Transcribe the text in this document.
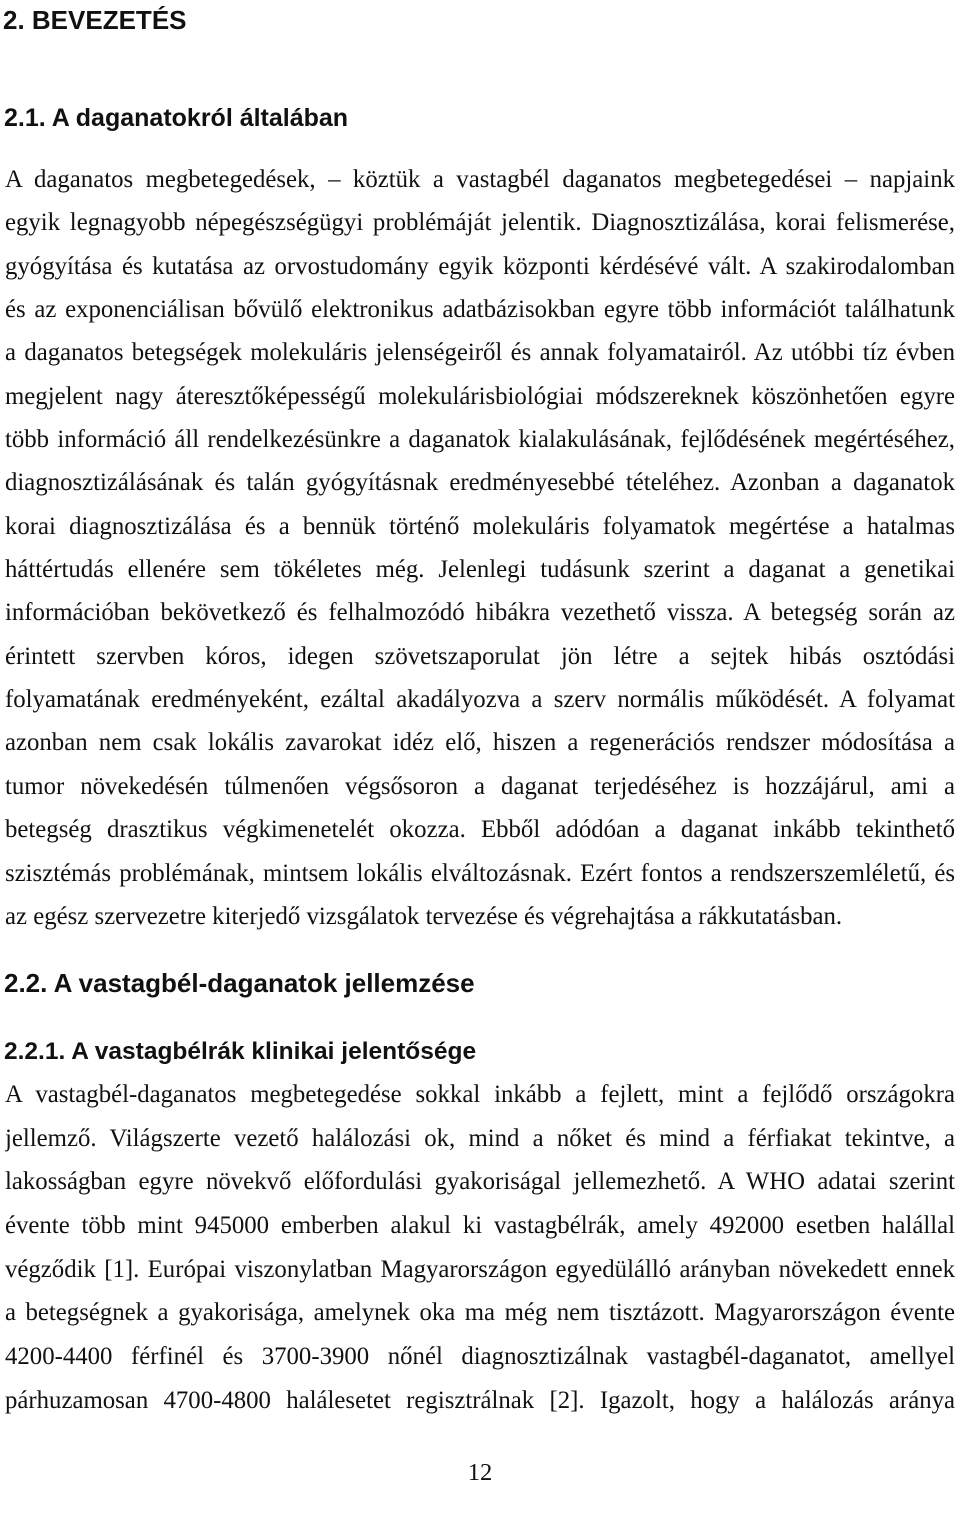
2. BEVEZETÉS
2.1. A daganatokról általában
A daganatos megbetegedések, – köztük a vastagbél daganatos megbetegedései – napjaink
egyik legnagyobb népegészségügyi problémáját jelentik. Diagnosztizálása, korai felismerése,
gyógyítása és kutatása az orvostudomány egyik központi kérdésévé vált. A szakirodalomban
és az exponenciálisan bővülő elektronikus adatbázisokban egyre több információt találhatunk
a daganatos betegségek molekuláris jelenségeiről és annak folyamatairól. Az utóbbi tíz évben
megjelent nagy áteresztőképességű molekulárisbiológiai módszereknek köszönhetően egyre
több információ áll rendelkezésünkre a daganatok kialakulásának, fejlődésének megértéséhez,
diagnosztizálásának és talán gyógyításnak eredményesebbé tételéhez. Azonban a daganatok
korai diagnosztizálása és a bennük történő molekuláris folyamatok megértése a hatalmas
háttértudás ellenére sem tökéletes még. Jelenlegi tudásunk szerint a daganat a genetikai
információban bekövetkező és felhalmozódó hibákra vezethető vissza. A betegség során az
érintett szervben kóros, idegen szövetszaporulat jön létre a sejtek hibás osztódási
folyamatának eredményeként, ezáltal akadályozva a szerv normális működését. A folyamat
azonban nem csak lokális zavarokat idéz elő, hiszen a regenerációs rendszer módosítása a
tumor növekedésén túlmenően végsősoron a daganat terjedéséhez is hozzájárul, ami a
betegség drasztikus végkimenetelét okozza. Ebből adódóan a daganat inkább tekinthető
szisztémás problémának, mintsem lokális elváltozásnak. Ezért fontos a rendszerszemléletű, és
az egész szervezetre kiterjedő vizsgálatok tervezése és végrehajtása a rákkutatásban.
2.2. A vastagbél-daganatok jellemzése
2.2.1. A vastagbélrák klinikai jelentősége
A vastagbél-daganatos megbetegedése sokkal inkább a fejlett, mint a fejlődő országokra
jellemző. Világszerte vezető halálozási ok, mind a nőket és mind a férfiakat tekintve, a
lakosságban egyre növekvő előfordulási gyakoriságal jellemezhető. A WHO adatai szerint
évente több mint 945000 emberben alakul ki vastagbélrák, amely 492000 esetben halállal
végződik [1]. Európai viszonylatban Magyarországon egyedülálló arányban növekedett ennek
a betegségnek a gyakorisága, amelynek oka ma még nem tisztázott. Magyarországon évente
4200-4400 férfinél és 3700-3900 nőnél diagnosztizálnak vastagbél-daganatot, amellyel
párhuzamosan 4700-4800 halálesetet regisztrálnak [2]. Igazolt, hogy a halálozás aránya
12
